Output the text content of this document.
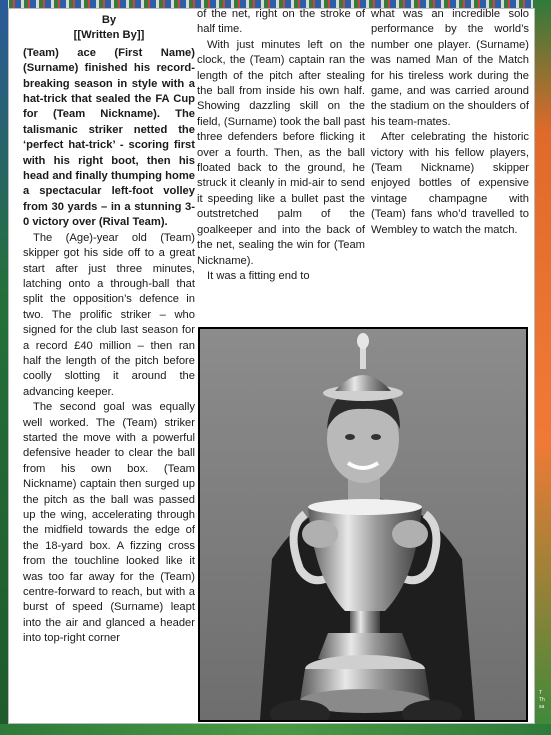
T Th sa
By
[[Written By]]

(Team) ace (First Name) (Surname) finished his record-breaking season in style with a hat-trick that sealed the FA Cup for (Team Nickname). The talismanic striker netted the ‘perfect hat-trick’ - scoring first with his right boot, then his head and finally thumping home a spectacular left-foot volley from 30 yards – in a stunning 3-0 victory over (Rival Team).

The (Age)-year old (Team) skipper got his side off to a great start after just three minutes, latching onto a through-ball that split the opposition’s defence in two. The prolific striker – who signed for the club last season for a record £40 million – then ran half the length of the pitch before coolly slotting it around the advancing keeper.

The second goal was equally well worked. The (Team) striker started the move with a powerful defensive header to clear the ball from his own box. (Team Nickname) captain then surged up the pitch as the ball was passed up the wing, accelerating through the midfield towards the edge of the 18-yard box. A fizzing cross from the touchline looked like it was too far away for the (Team) centre-forward to reach, but with a burst of speed (Surname) leapt into the air and glanced a header into top-right corner

of the net, right on the stroke of half time.

With just minutes left on the clock, the (Team) captain ran the length of the pitch after stealing the ball from inside his own half. Showing dazzling skill on the field, (Surname) took the ball past three defenders before flicking it over a fourth. Then, as the ball floated back to the ground, he struck it cleanly in mid-air to send it speeding like a bullet past the outstretched palm of the goalkeeper and into the back of the net, sealing the win for (Team Nickname).

It was a fitting end to

what was an incredible solo performance by the world’s number one player. (Surname) was named Man of the Match for his tireless work during the game, and was carried around the stadium on the shoulders of his team-mates.

After celebrating the historic victory with his fellow players, (Team Nickname) skipper enjoyed bottles of expensive vintage champagne with (Team) fans who’d travelled to Wembley to watch the match.
